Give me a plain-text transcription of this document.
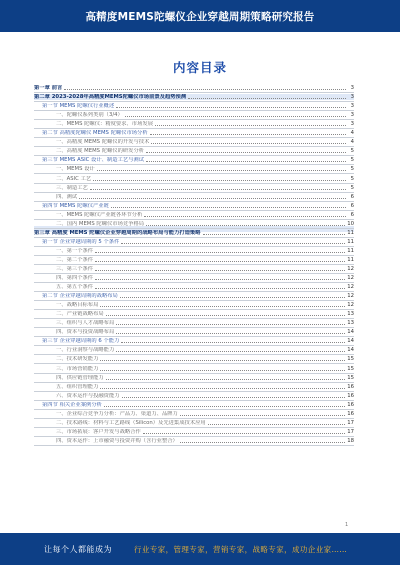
高精度MEMS陀螺仪企业穿越周期策略研究报告
内容目录
第一章 前言	3
第二章 2023-2028年高精度MEMS陀螺仪市场前景及趋势预测	3
第一节 MEMS 陀螺仪行业概述	3
一、陀螺仪系列类别（3/4）	3
二、MEMS 陀螺仪：精度要求、市场发展	3
第二节 高精度陀螺仪 MEMS 陀螺仪市场分析	4
一、高精度 MEMS 陀螺仪的开发与技术	4
二、高精度 MEMS 陀螺仪的研发分析	5
第三节 MEMS ASIC 设计、制造工艺与测试	5
一、MEMS 设计	5
二、ASIC 工艺	5
三、制造工艺	5
四、测试	6
第四节 MEMS 陀螺仪产业链	6
一、MEMS 陀螺仪产业链各环节分析	6
二、国内 MEMS 陀螺仪市场竞争格局	10
第三章 高精度 MEMS 陀螺仪企业穿越周期的战略布局与能力打造策略	11
第一节 企业穿越周期的 5 个条件	11
一、第一个条件	11
二、第二个条件	11
三、第三个条件	12
四、第四个条件	12
五、第五个条件	12
第二节 企业穿越周期的战略布局	12
一、战略目标布局	12
二、产业链战略布局	13
三、组织与人才战略布局	13
四、资本与投资战略布局	14
第三节 企业穿越周期的 6 个能力	14
一、行业洞察与战略能力	14
二、技术研发能力	15
三、市场营销能力	15
四、供应链管理能力	15
五、组织管理能力	16
六、资本运作与投融资能力	16
第四节 相关企业案例分析	16
一、企业综合竞争力分析：产品力、渠道力、品牌力	16
二、技术路线：材料与工艺路线（Silicon）及先进集成技术应用	17
三、市场拓展：客户开发与战略合作	17
四、资本运作：上市融资与投资并购（含行业整合）	18
1
让每个人都能成为	行业专家，管理专家，营销专家，战略专家，成功企业家……
